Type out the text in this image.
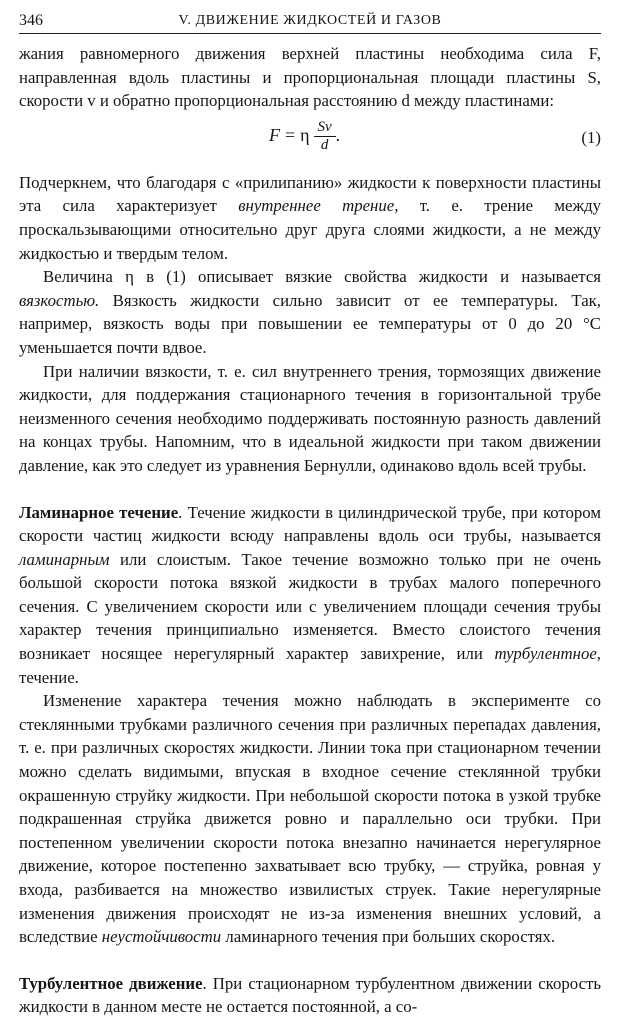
346	V. ДВИЖЕНИЕ ЖИДКОСТЕЙ И ГАЗОВ

жания равномерного движения верхней пластины необходима сила F, направленная вдоль пластины и пропорциональная площади пластины S, скорости v и обратно пропорциональная расстоянию d между пластинами:

F = η $\frac{Sv}{d}$ .	(1)

Подчеркнем, что благодаря с «прилипанию» жидкости к поверхности пластины эта сила характеризует внутреннее трение, т. е. трение между проскальзывающими относительно друг друга слоями жидкости, а не между жидкостью и твердым телом.

Величина η в (1) описывает вязкие свойства жидкости и называется вязкостью. Вязкость жидкости сильно зависит от ее температуры. Так, например, вязкость воды при повышении ее температуры от 0 до 20 °С уменьшается почти вдвое.

При наличии вязкости, т. е. сил внутреннего трения, тормозящих движение жидкости, для поддержания стационарного течения в горизонтальной трубе неизменного сечения необходимо поддерживать постоянную разность давлений на концах трубы. Напомним, что в идеальной жидкости при таком движении давление, как это следует из уравнения Бернулли, одинаково вдоль всей трубы.

Ламинарное течение. Течение жидкости в цилиндрической трубе, при котором скорости частиц жидкости всюду направлены вдоль оси трубы, называется ламинарным или слоистым. Такое течение возможно только при не очень большой скорости потока вязкой жидкости в трубах малого поперечного сечения. С увеличением скорости или с увеличением площади сечения трубы характер течения принципиально изменяется. Вместо слоистого течения возникает носящее нерегулярный характер завихрение, или турбулентное, течение.

Изменение характера течения можно наблюдать в эксперименте со стеклянными трубками различного сечения при различных перепадах давления, т. е. при различных скоростях жидкости. Линии тока при стационарном течении можно сделать видимыми, впуская в входное сечение стеклянной трубки окрашенную струйку жидкости. При небольшой скорости потока в узкой трубке подкрашенная струйка движется ровно и параллельно оси трубки. При постепенном увеличении скорости потока внезапно начинается нерегулярное движение, которое постепенно захватывает всю трубку, — струйка, ровная у входа, разбивается на множество извилистых струек. Такие нерегулярные изменения движения происходят не из-за изменения внешних условий, а вследствие неустойчивости ламинарного течения при больших скоростях.

Турбулентное движение. При стационарном турбулентном движении скорость жидкости в данном месте не остается постоянной, а со-
